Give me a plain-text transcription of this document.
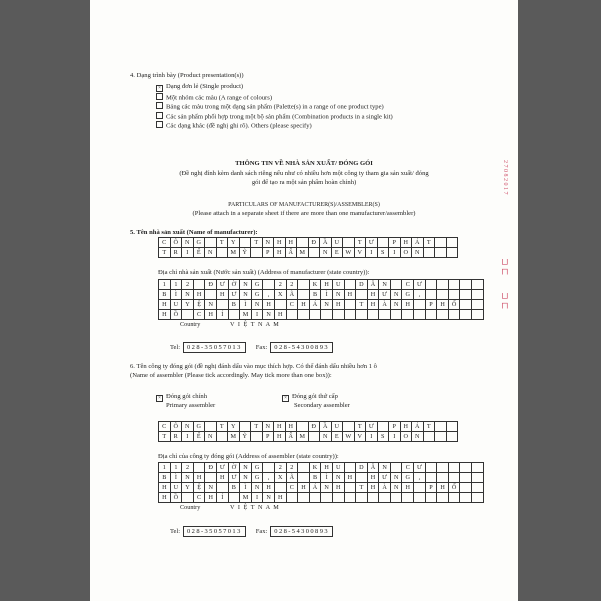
4. Dạng trình bày (Product presentation(s))
×Dạng đơn lẻ (Single product)
Một nhóm các màu (A range of colours)
Bảng các màu trong một dạng sản phẩm (Palette(s) in a range of one product type)
Các sản phẩm phối hợp trong một bộ sản phẩm (Combination products in a single kit)
Các dạng khác (đề nghị ghi rõ). Others (please specify)
THÔNG TIN VỀ NHÀ SẢN XUẤT/ ĐÓNG GÓI
(Đề nghị đính kèm danh sách riêng nếu như có nhiều hơn một công ty tham gia sản xuất/ đóng
gói để tạo ra một sản phẩm hoàn chỉnh)
PARTICULARS OF MANUFACTURER(S)/ASSEMBLER(S)
(Please attach in a separate sheet if there are more than one manufacturer/assembler)
5. Tên nhà sản xuất (Name of manufacturer):
C	Ô	N	G	T	Y	T	N	H	H	Đ	Ầ	U	T	Ư	P	H	Á	T
T	R	I	Ể	N	M	Ỹ	P	H	Ẩ	M	N	E	W	V	I	S	I	O	N
Địa chỉ nhà sản xuất (Nước sản xuất) (Address of manufacturer (state country)):
1	1	2	Đ	Ư	Ờ	N	G	2	2	K	H	U	D	Â	N	C	Ư
B	Ì	N	H	H	Ư	N	G	,	X	Ã	B	Ì	N	H	H	Ư	N	G	,
H	U	Y	Ệ	N	B	Ì	N	H	C	H	Á	N	H	T	H	À	N	H	P	H	Ố
H	Ồ	C	H	Í	M	I	N	H
Country	V I Ệ T N A M
Tel:	028-35057013	Fax:	028-54300893
6. Tên công ty đóng gói (đề nghị đánh dấu vào mục thích hợp. Có thể đánh dấu nhiều hơn 1 ô
(Name of assembler (Please tick accordingly. May tick more than one box)):
×Đóng gói chính
Primary assembler
×Đóng gói thứ cấp
Secondary assembler
C	Ô	N	G	T	Y	T	N	H	H	Đ	Ầ	U	T	Ư	P	H	Á	T
T	R	I	Ể	N	M	Ỹ	P	H	Ẩ	M	N	E	W	V	I	S	I	O	N
Địa chỉ của công ty đóng gói (Address of assembler (state country)):
1	1	2	Đ	Ư	Ờ	N	G	2	2	K	H	U	D	Â	N	C	Ư
B	Ì	N	H	H	Ư	N	G	,	X	Ã	B	Ì	N	H	H	Ư	N	G	,
H	U	Y	Ệ	N	B	Ì	N	H	C	H	Á	N	H	T	H	À	N	H	P	H	Ố
H	Ồ	C	H	Í	M	I	N	H
Country	V I Ệ T N A M
Tel:	028-35057013	Fax:	028-54300893
2 7 0 8 2 0 1 7
⊐ ⊏
⊐ ⊏
